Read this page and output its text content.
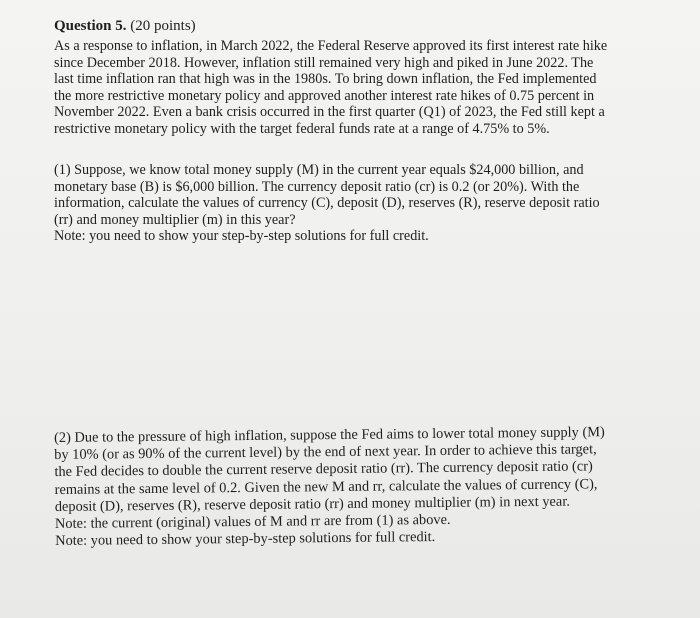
Question 5. (20 points)

As a response to inflation, in March 2022, the Federal Reserve approved its first interest rate hike
since December 2018. However, inflation still remained very high and piked in June 2022. The
last time inflation ran that high was in the 1980s. To bring down inflation, the Fed implemented
the more restrictive monetary policy and approved another interest rate hikes of 0.75 percent in
November 2022. Even a bank crisis occurred in the first quarter (Q1) of 2023, the Fed still kept a
restrictive monetary policy with the target federal funds rate at a range of 4.75% to 5%.

(1) Suppose, we know total money supply (M) in the current year equals $24,000 billion, and
monetary base (B) is $6,000 billion. The currency deposit ratio (cr) is 0.2 (or 20%). With the
information, calculate the values of currency (C), deposit (D), reserves (R), reserve deposit ratio
(rr) and money multiplier (m) in this year?
Note: you need to show your step-by-step solutions for full credit.

(2) Due to the pressure of high inflation, suppose the Fed aims to lower total money supply (M)
by 10% (or as 90% of the current level) by the end of next year. In order to achieve this target,
the Fed decides to double the current reserve deposit ratio (rr). The currency deposit ratio (cr)
remains at the same level of 0.2. Given the new M and rr, calculate the values of currency (C),
deposit (D), reserves (R), reserve deposit ratio (rr) and money multiplier (m) in next year.
Note: the current (original) values of M and rr are from (1) as above.
Note: you need to show your step-by-step solutions for full credit.
